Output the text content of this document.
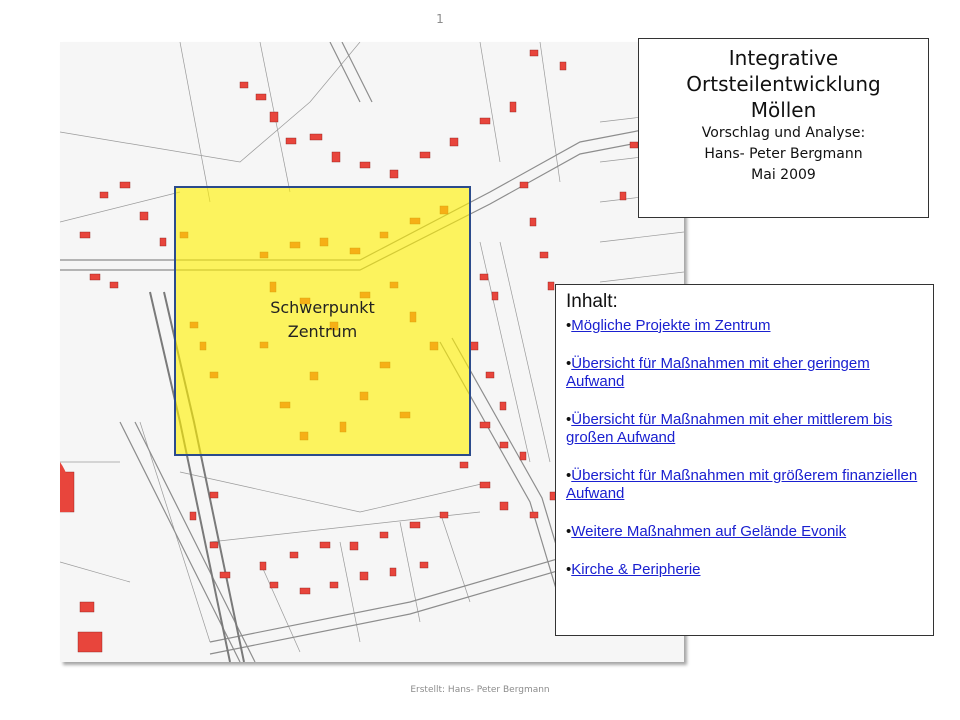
1
Schwerpunkt
Zentrum
Integrative
Ortsteilentwicklung
Möllen
Vorschlag und Analyse:
Hans- Peter Bergmann
Mai 2009
Inhalt:
•Mögliche Projekte im Zentrum
•Übersicht für Maßnahmen mit eher geringem Aufwand
•Übersicht für Maßnahmen mit eher mittlerem bis großen Aufwand
•Übersicht für Maßnahmen mit größerem finanziellen Aufwand
•Weitere Maßnahmen auf Gelände Evonik
•Kirche & Peripherie
Erstellt: Hans- Peter Bergmann
